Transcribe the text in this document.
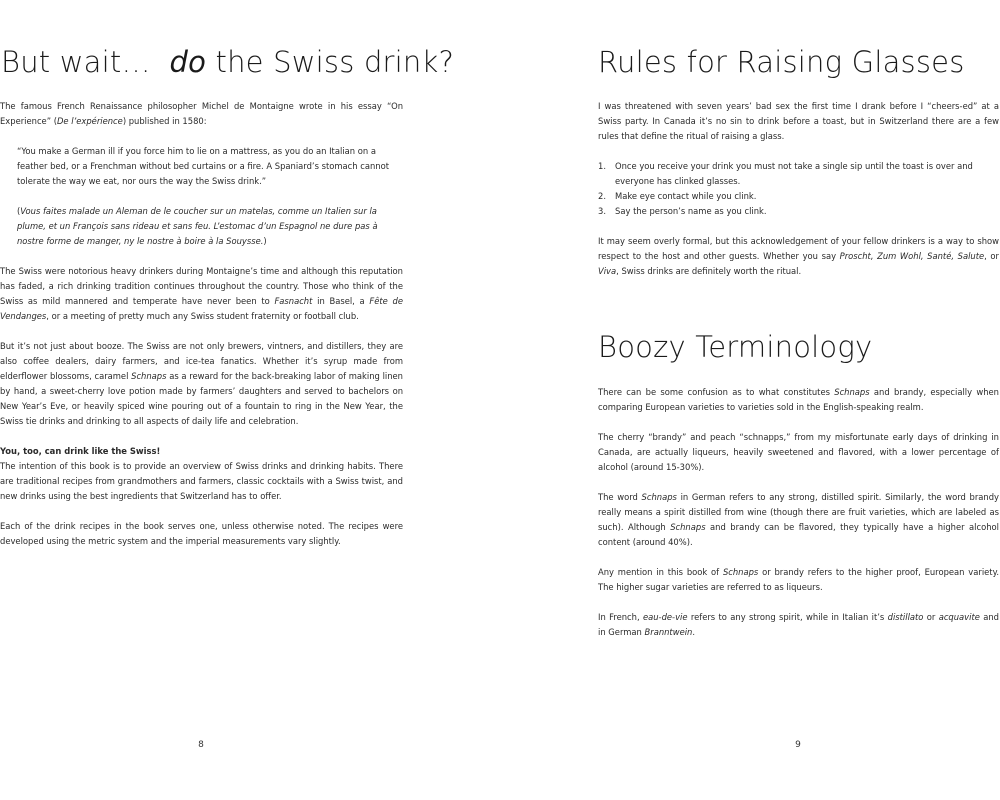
But wait… do the Swiss drink?

The famous French Renaissance philosopher Michel de Montaigne wrote in his essay “On Experience” (De l’expérience) published in 1580:

“You make a German ill if you force him to lie on a mattress, as you do an Italian on a feather bed, or a Frenchman without bed curtains or a fire. A Spaniard’s stomach cannot tolerate the way we eat, nor ours the way the Swiss drink.”

(Vous faites malade un Aleman de le coucher sur un matelas, comme un Italien sur la plume, et un François sans rideau et sans feu. L’estomac d’un Espagnol ne dure pas à nostre forme de manger, ny le nostre à boire à la Souysse.)

The Swiss were notorious heavy drinkers during Montaigne’s time and although this reputation has faded, a rich drinking tradition continues throughout the country. Those who think of the Swiss as mild mannered and temperate have never been to Fasnacht in Basel, a Fête de Vendanges, or a meeting of pretty much any Swiss student fraternity or football club.

But it’s not just about booze. The Swiss are not only brewers, vintners, and distillers, they are also coffee dealers, dairy farmers, and ice-tea fanatics. Whether it’s syrup made from elderflower blossoms, caramel Schnaps as a reward for the back-breaking labor of making linen by hand, a sweet-cherry love potion made by farmers’ daughters and served to bachelors on New Year’s Eve, or heavily spiced wine pouring out of a fountain to ring in the New Year, the Swiss tie drinks and drinking to all aspects of daily life and celebration.

You, too, can drink like the Swiss!

The intention of this book is to provide an overview of Swiss drinks and drinking habits. There are traditional recipes from grandmothers and farmers, classic cocktails with a Swiss twist, and new drinks using the best ingredients that Switzerland has to offer.

Each of the drink recipes in the book serves one, unless otherwise noted. The recipes were developed using the metric system and the imperial measurements vary slightly.

8
Rules for Raising Glasses

I was threatened with seven years’ bad sex the first time I drank before I “cheers-ed” at a Swiss party. In Canada it’s no sin to drink before a toast, but in Switzerland there are a few rules that define the ritual of raising a glass.

1.	Once you receive your drink you must not take a single sip until the toast is over and everyone has clinked glasses.
2.	Make eye contact while you clink.
3.	Say the person’s name as you clink.

It may seem overly formal, but this acknowledgement of your fellow drinkers is a way to show respect to the host and other guests. Whether you say Proscht, Zum Wohl, Santé, Salute, or Viva, Swiss drinks are definitely worth the ritual.

Boozy Terminology

There can be some confusion as to what constitutes Schnaps and brandy, especially when comparing European varieties to varieties sold in the English-speaking realm.

The cherry “brandy” and peach “schnapps,” from my misfortunate early days of drinking in Canada, are actually liqueurs, heavily sweetened and flavored, with a lower percentage of alcohol (around 15-30%).

The word Schnaps in German refers to any strong, distilled spirit. Similarly, the word brandy really means a spirit distilled from wine (though there are fruit varieties, which are labeled as such). Although Schnaps and brandy can be flavored, they typically have a higher alcohol content (around 40%).

Any mention in this book of Schnaps or brandy refers to the higher proof, European variety. The higher sugar varieties are referred to as liqueurs.

In French, eau-de-vie refers to any strong spirit, while in Italian it’s distillato or acquavite and in German Branntwein.

9
